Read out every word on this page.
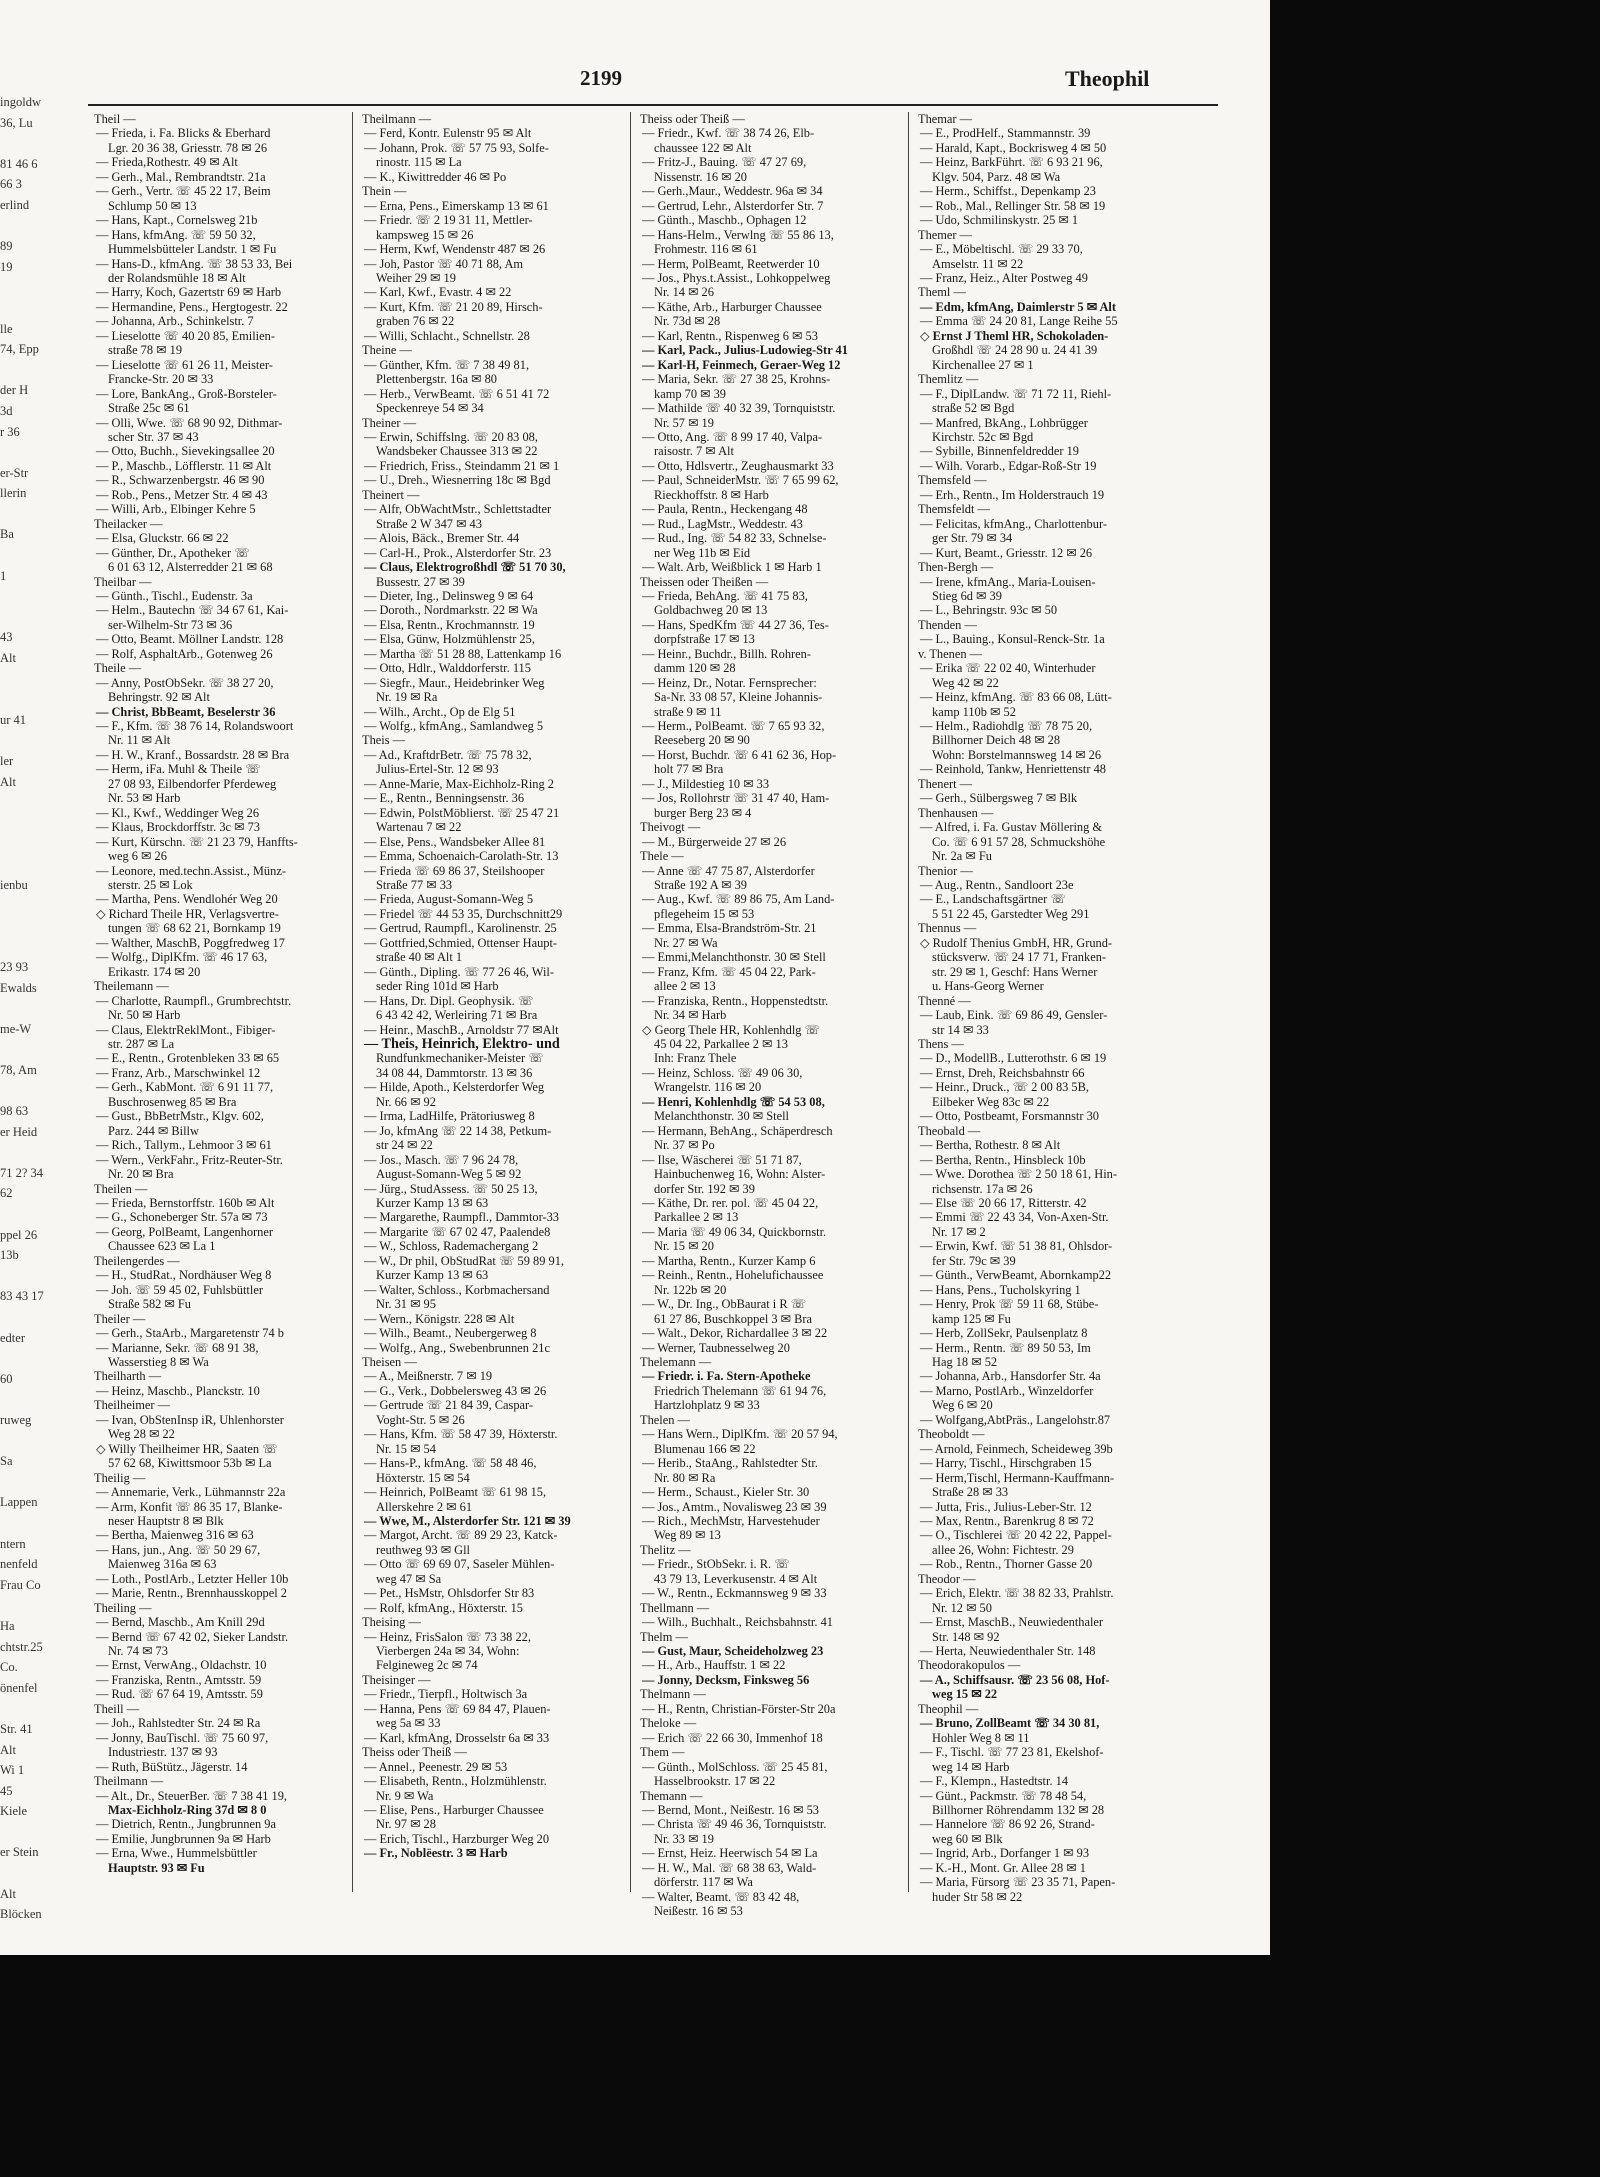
ingoldw
36, Lu

81 46 6
66 3
erlind

89
19

lle
74, Epp

der H
3d
r 36

er-Str
llerin

Ba

1

43
Alt

ur 41

ler
Alt

ienbu

23 93
Ewalds

me-W

78, Am

98 63
er Heid

71 2? 34
62

ppel 26
13b

83 43 17

edter

60

ruweg

Sa

Lappen

ntern
nenfeld
Frau Co

Ha
chtstr.25
Co.
önenfel

Str. 41
Alt
Wi 1
45
Kiele

er Stein

Alt
Blöcken
2199	Theophil
Theil —
— Frieda, i. Fa. Blicks & Eberhard
Lgr. 20 36 38, Griesstr. 78 ✉ 26
— Frieda,Rothestr. 49 ✉ Alt
— Gerh., Mal., Rembrandtstr. 21a
— Gerh., Vertr. ☏ 45 22 17, Beim
Schlump 50 ✉ 13
— Hans, Kapt., Cornelsweg 21b
— Hans, kfmAng. ☏ 59 50 32,
Hummelsbütteler Landstr. 1 ✉ Fu
— Hans-D., kfmAng. ☏ 38 53 33, Bei
der Rolandsmühle 18 ✉ Alt
— Harry, Koch, Gazertstr 69 ✉ Harb
— Hermandine, Pens., Hergtogestr. 22
— Johanna, Arb., Schinkelstr. 7
— Lieselotte ☏ 40 20 85, Emilien-
straße 78 ✉ 19
— Lieselotte ☏ 61 26 11, Meister-
Francke-Str. 20 ✉ 33
— Lore, BankAng., Groß-Borsteler-
Straße 25c ✉ 61
— Olli, Wwe. ☏ 68 90 92, Dithmar-
scher Str. 37 ✉ 43
— Otto, Buchh., Sievekingsallee 20
— P., Maschb., Löfflerstr. 11 ✉ Alt
— R., Schwarzenbergstr. 46 ✉ 90
— Rob., Pens., Metzer Str. 4 ✉ 43
— Willi, Arb., Elbinger Kehre 5
Theilacker —
— Elsa, Gluckstr. 66 ✉ 22
— Günther, Dr., Apotheker ☏
6 01 63 12, Alsterredder 21 ✉ 68
Theilbar —
— Günth., Tischl., Eudenstr. 3a
— Helm., Bautechn ☏ 34 67 61, Kai-
ser-Wilhelm-Str 73 ✉ 36
— Otto, Beamt. Möllner Landstr. 128
— Rolf, AsphaltArb., Gotenweg 26
Theile —
— Anny, PostObSekr. ☏ 38 27 20,
Behringstr. 92 ✉ Alt
— Christ, BbBeamt, Beselerstr 36
— F., Kfm. ☏ 38 76 14, Rolandswoort
Nr. 11 ✉ Alt
— H. W., Kranf., Bossardstr. 28 ✉ Bra
— Herm, iFa. Muhl & Theile ☏
27 08 93, Eilbendorfer Pferdeweg
Nr. 53 ✉ Harb
— Kl., Kwf., Weddinger Weg 26
— Klaus, Brockdorffstr. 3c ✉ 73
— Kurt, Kürschn. ☏ 21 23 79, Hanffts-
weg 6 ✉ 26
— Leonore, med.techn.Assist., Münz-
sterstr. 25 ✉ Lok
— Martha, Pens. Wendlohér Weg 20
◇ Richard Theile HR, Verlagsvertre-
tungen ☏ 68 62 21, Bornkamp 19
— Walther, MaschB, Poggfredweg 17
— Wolfg., DiplKfm. ☏ 46 17 63,
Erikastr. 174 ✉ 20
Theilemann —
— Charlotte, Raumpfl., Grumbrechtstr.
Nr. 50 ✉ Harb
— Claus, ElektrReklMont., Fibiger-
str. 287 ✉ La
— E., Rentn., Grotenbleken 33 ✉ 65
— Franz, Arb., Marschwinkel 12
— Gerh., KabMont. ☏ 6 91 11 77,
Buschrosenweg 85 ✉ Bra
— Gust., BbBetrMstr., Klgv. 602,
Parz. 244 ✉ Billw
— Rich., Tallym., Lehmoor 3 ✉ 61
— Wern., VerkFahr., Fritz-Reuter-Str.
Nr. 20 ✉ Bra
Theilen —
— Frieda, Bernstorffstr. 160b ✉ Alt
— G., Schoneberger Str. 57a ✉ 73
— Georg, PolBeamt, Langenhorner
Chaussee 623 ✉ La 1
Theilengerdes —
— H., StudRat., Nordhäuser Weg 8
— Joh. ☏ 59 45 02, Fuhlsbüttler
Straße 582 ✉ Fu
Theiler —
— Gerh., StaArb., Margaretenstr 74 b
— Marianne, Sekr. ☏ 68 91 38,
Wasserstieg 8 ✉ Wa
Theilharth —
— Heinz, Maschb., Planckstr. 10
Theilheimer —
— Ivan, ObStenInsp iR, Uhlenhorster
Weg 28 ✉ 22
◇ Willy Theilheimer HR, Saaten ☏
57 62 68, Kiwittsmoor 53b ✉ La
Theilig —
— Annemarie, Verk., Lühmannstr 22a
— Arm, Konfit ☏ 86 35 17, Blanke-
neser Hauptstr 8 ✉ Blk
— Bertha, Maienweg 316 ✉ 63
— Hans, jun., Ang. ☏ 50 29 67,
Maienweg 316a ✉ 63
— Loth., PostlArb., Letzter Heller 10b
— Marie, Rentn., Brennhausskoppel 2
Theiling —
— Bernd, Maschb., Am Knill 29d
— Bernd ☏ 67 42 02, Sieker Landstr.
Nr. 74 ✉ 73
— Ernst, VerwAng., Oldachstr. 10
— Franziska, Rentn., Amtsstr. 59
— Rud. ☏ 67 64 19, Amtsstr. 59
Theill —
— Joh., Rahlstedter Str. 24 ✉ Ra
— Jonny, BauTischl. ☏ 75 60 97,
Industriestr. 137 ✉ 93
— Ruth, BüStütz., Jägerstr. 14
Theilmann —
— Alt., Dr., SteuerBer. ☏ 7 38 41 19,
Max-Eichholz-Ring 37d ✉ 8 0
— Dietrich, Rentn., Jungbrunnen 9a
— Emilie, Jungbrunnen 9a ✉ Harb
— Erna, Wwe., Hummelsbüttler
Hauptstr. 93 ✉ Fu
Theilmann —
— Ferd, Kontr. Eulenstr 95 ✉ Alt
— Johann, Prok. ☏ 57 75 93, Solfe-
rinostr. 115 ✉ La
— K., Kiwittredder 46 ✉ Po
Thein —
— Erna, Pens., Eimerskamp 13 ✉ 61
— Friedr. ☏ 2 19 31 11, Mettler-
kampsweg 15 ✉ 26
— Herm, Kwf, Wendenstr 487 ✉ 26
— Joh, Pastor ☏ 40 71 88, Am
Weiher 29 ✉ 19
— Karl, Kwf., Evastr. 4 ✉ 22
— Kurt, Kfm. ☏ 21 20 89, Hirsch-
graben 76 ✉ 22
— Willi, Schlacht., Schnellstr. 28
Theine —
— Günther, Kfm. ☏ 7 38 49 81,
Plettenbergstr. 16a ✉ 80
— Herb., VerwBeamt. ☏ 6 51 41 72
Speckenreye 54 ✉ 34
Theiner —
— Erwin, Schiffslng. ☏ 20 83 08,
Wandsbeker Chaussee 313 ✉ 22
— Friedrich, Friss., Steindamm 21 ✉ 1
— U., Dreh., Wiesnerring 18c ✉ Bgd
Theinert —
— Alfr, ObWachtMstr., Schlettstadter
Straße 2 W 347 ✉ 43
— Alois, Bäck., Bremer Str. 44
— Carl-H., Prok., Alsterdorfer Str. 23
— Claus, Elektrogroßhdl ☏ 51 70 30,
Bussestr. 27 ✉ 39
— Dieter, Ing., Delinsweg 9 ✉ 64
— Doroth., Nordmarkstr. 22 ✉ Wa
— Elsa, Rentn., Krochmannstr. 19
— Elsa, Günw, Holzmühlenstr 25,
— Martha ☏ 51 28 88, Lattenkamp 16
— Otto, Hdlr., Walddorferstr. 115
— Siegfr., Maur., Heidebrinker Weg
Nr. 19 ✉ Ra
— Wilh., Archt., Op de Elg 51
— Wolfg., kfmAng., Samlandweg 5
Theis —
— Ad., KraftdrBetr. ☏ 75 78 32,
Julius-Ertel-Str. 12 ✉ 93
— Anne-Marie, Max-Eichholz-Ring 2
— E., Rentn., Benningsenstr. 36
— Edwin, PolstMöblierst. ☏ 25 47 21
Wartenau 7 ✉ 22
— Else, Pens., Wandsbeker Allee 81
— Emma, Schoenaich-Carolath-Str. 13
— Frieda ☏ 69 86 37, Steilshooper
Straße 77 ✉ 33
— Frieda, August-Somann-Weg 5
— Friedel ☏ 44 53 35, Durchschnitt29
— Gertrud, Raumpfl., Karolinenstr. 25
— Gottfried,Schmied, Ottenser Haupt-
straße 40 ✉ Alt 1
— Günth., Dipling. ☏ 77 26 46, Wil-
seder Ring 101d ✉ Harb
— Hans, Dr. Dipl. Geophysik. ☏
6 43 42 42, Werleiring 71 ✉ Bra
— Heinr., MaschB., Arnoldstr 77 ✉Alt
— Theis, Heinrich, Elektro- und
Rundfunkmechaniker-Meister ☏
34 08 44, Dammtorstr. 13 ✉ 36
— Hilde, Apoth., Kelsterdorfer Weg
Nr. 66 ✉ 92
— Irma, LadHilfe, Prätoriusweg 8
— Jo, kfmAng ☏ 22 14 38, Petkum-
str 24 ✉ 22
— Jos., Masch. ☏ 7 96 24 78,
August-Somann-Weg 5 ✉ 92
— Jürg., StudAssess. ☏ 50 25 13,
Kurzer Kamp 13 ✉ 63
— Margarethe, Raumpfl., Dammtor-33
— Margarite ☏ 67 02 47, Paalende8
— W., Schloss, Rademachergang 2
— W., Dr phil, ObStudRat ☏ 59 89 91,
Kurzer Kamp 13 ✉ 63
— Walter, Schloss., Korbmachersand
Nr. 31 ✉ 95
— Wern., Königstr. 228 ✉ Alt
— Wilh., Beamt., Neubergerweg 8
— Wolfg., Ang., Swebenbrunnen 21c
Theisen —
— A., Meißnerstr. 7 ✉ 19
— G., Verk., Dobbelersweg 43 ✉ 26
— Gertrude ☏ 21 84 39, Caspar-
Voght-Str. 5 ✉ 26
— Hans, Kfm. ☏ 58 47 39, Höxterstr.
Nr. 15 ✉ 54
— Hans-P., kfmAng. ☏ 58 48 46,
Höxterstr. 15 ✉ 54
— Heinrich, PolBeamt ☏ 61 98 15,
Allerskehre 2 ✉ 61
— Wwe, M., Alsterdorfer Str. 121 ✉ 39
— Margot, Archt. ☏ 89 29 23, Katck-
reuthweg 93 ✉ Gll
— Otto ☏ 69 69 07, Saseler Mühlen-
weg 47 ✉ Sa
— Pet., HsMstr, Ohlsdorfer Str 83
— Rolf, kfmAng., Höxterstr. 15
Theising —
— Heinz, FrisSalon ☏ 73 38 22,
Vierbergen 24a ✉ 34, Wohn:
Felgineweg 2c ✉ 74
Theisinger —
— Friedr., Tierpfl., Holtwisch 3a
— Hanna, Pens ☏ 69 84 47, Plauen-
weg 5a ✉ 33
— Karl, kfmAng, Drosselstr 6a ✉ 33
Theiss oder Theiß —
— Annel., Peenestr. 29 ✉ 53
— Elisabeth, Rentn., Holzmühlenstr.
Nr. 9 ✉ Wa
— Elise, Pens., Harburger Chaussee
Nr. 97 ✉ 28
— Erich, Tischl., Harzburger Weg 20
— Fr., Noblëestr. 3 ✉ Harb
Theiss oder Theiß —
— Friedr., Kwf. ☏ 38 74 26, Elb-
chaussee 122 ✉ Alt
— Fritz-J., Bauing. ☏ 47 27 69,
Nissenstr. 16 ✉ 20
— Gerh.,Maur., Weddestr. 96a ✉ 34
— Gertrud, Lehr., Alsterdorfer Str. 7
— Günth., Maschb., Ophagen 12
— Hans-Helm., Verwlng ☏ 55 86 13,
Frohmestr. 116 ✉ 61
— Herm, PolBeamt, Reetwerder 10
— Jos., Phys.t.Assist., Lohkoppelweg
Nr. 14 ✉ 26
— Käthe, Arb., Harburger Chaussee
Nr. 73d ✉ 28
— Karl, Rentn., Rispenweg 6 ✉ 53
— Karl, Pack., Julius-Ludowieg-Str 41
— Karl-H, Feinmech, Geraer-Weg 12
— Maria, Sekr. ☏ 27 38 25, Krohns-
kamp 70 ✉ 39
— Mathilde ☏ 40 32 39, Tornquiststr.
Nr. 57 ✉ 19
— Otto, Ang. ☏ 8 99 17 40, Valpa-
raisostr. 7 ✉ Alt
— Otto, Hdlsvertr., Zeughausmarkt 33
— Paul, SchneiderMstr. ☏ 7 65 99 62,
Rieckhoffstr. 8 ✉ Harb
— Paula, Rentn., Heckengang 48
— Rud., LagMstr., Weddestr. 43
— Rud., Ing. ☏ 54 82 33, Schnelse-
ner Weg 11b ✉ Eid
— Walt. Arb, Weißblick 1 ✉ Harb 1
Theissen oder Theißen —
— Frieda, BehAng. ☏ 41 75 83,
Goldbachweg 20 ✉ 13
— Hans, SpedKfm ☏ 44 27 36, Tes-
dorpfstraße 17 ✉ 13
— Heinr., Buchdr., Billh. Rohren-
damm 120 ✉ 28
— Heinz, Dr., Notar. Fernsprecher:
Sa-Nr. 33 08 57, Kleine Johannis-
straße 9 ✉ 11
— Herm., PolBeamt. ☏ 7 65 93 32,
Reeseberg 20 ✉ 90
— Horst, Buchdr. ☏ 6 41 62 36, Hop-
holt 77 ✉ Bra
— J., Mildestieg 10 ✉ 33
— Jos, Rollohrstr ☏ 31 47 40, Ham-
burger Berg 23 ✉ 4
Theivogt —
— M., Bürgerweide 27 ✉ 26
Thele —
— Anne ☏ 47 75 87, Alsterdorfer
Straße 192 A ✉ 39
— Aug., Kwf. ☏ 89 86 75, Am Land-
pflegeheim 15 ✉ 53
— Emma, Elsa-Brandström-Str. 21
Nr. 27 ✉ Wa
— Emmi,Melanchthonstr. 30 ✉ Stell
— Franz, Kfm. ☏ 45 04 22, Park-
allee 2 ✉ 13
— Franziska, Rentn., Hoppenstedtstr.
Nr. 34 ✉ Harb
◇ Georg Thele HR, Kohlenhdlg ☏
45 04 22, Parkallee 2 ✉ 13
Inh: Franz Thele
— Heinz, Schloss. ☏ 49 06 30,
Wrangelstr. 116 ✉ 20
— Henri, Kohlenhdlg ☏ 54 53 08,
Melanchthonstr. 30 ✉ Stell
— Hermann, BehAng., Schäperdresch
Nr. 37 ✉ Po
— Ilse, Wäscherei ☏ 51 71 87,
Hainbuchenweg 16, Wohn: Alster-
dorfer Str. 192 ✉ 39
— Käthe, Dr. rer. pol. ☏ 45 04 22,
Parkallee 2 ✉ 13
— Maria ☏ 49 06 34, Quickbornstr.
Nr. 15 ✉ 20
— Martha, Rentn., Kurzer Kamp 6
— Reinh., Rentn., Hohelufichaussee
Nr. 122b ✉ 20
— W., Dr. Ing., ObBaurat i R ☏
61 27 86, Buschkoppel 3 ✉ Bra
— Walt., Dekor, Richardallee 3 ✉ 22
— Werner, Taubnesselweg 20
Thelemann —
— Friedr. i. Fa. Stern-Apotheke
Friedrich Thelemann ☏ 61 94 76,
Hartzlohplatz 9 ✉ 33
Thelen —
— Hans Wern., DiplKfm. ☏ 20 57 94,
Blumenau 166 ✉ 22
— Herib., StaAng., Rahlstedter Str.
Nr. 80 ✉ Ra
— Herm., Schaust., Kieler Str. 30
— Jos., Amtm., Novalisweg 23 ✉ 39
— Rich., MechMstr, Harvestehuder
Weg 89 ✉ 13
Thelitz —
— Friedr., StObSekr. i. R. ☏
43 79 13, Leverkusenstr. 4 ✉ Alt
— W., Rentn., Eckmannsweg 9 ✉ 33
Thellmann —
— Wilh., Buchhalt., Reichsbahnstr. 41
Thelm —
— Gust, Maur, Scheideholzweg 23
— H., Arb., Hauffstr. 1 ✉ 22
— Jonny, Decksm, Finksweg 56
Thelmann —
— H., Rentn, Christian-Förster-Str 20a
Theloke —
— Erich ☏ 22 66 30, Immenhof 18
Them —
— Günth., MolSchloss. ☏ 25 45 81,
Hasselbrookstr. 17 ✉ 22
Themann —
— Bernd, Mont., Neißestr. 16 ✉ 53
— Christa ☏ 49 46 36, Tornquiststr.
Nr. 33 ✉ 19
— Ernst, Heiz. Heerwisch 54 ✉ La
— H. W., Mal. ☏ 68 38 63, Wald-
dörferstr. 117 ✉ Wa
— Walter, Beamt. ☏ 83 42 48,
Neißestr. 16 ✉ 53
Themar —
— E., ProdHelf., Stammannstr. 39
— Harald, Kapt., Bockrisweg 4 ✉ 50
— Heinz, BarkFührt. ☏ 6 93 21 96,
Klgv. 504, Parz. 48 ✉ Wa
— Herm., Schiffst., Depenkamp 23
— Rob., Mal., Rellinger Str. 58 ✉ 19
— Udo, Schmilinskystr. 25 ✉ 1
Themer —
— E., Möbeltischl. ☏ 29 33 70,
Amselstr. 11 ✉ 22
— Franz, Heiz., Alter Postweg 49
Theml —
— Edm, kfmAng, Daimlerstr 5 ✉ Alt
— Emma ☏ 24 20 81, Lange Reihe 55
◇ Ernst J Theml HR, Schokoladen-
Großhdl ☏ 24 28 90 u. 24 41 39
Kirchenallee 27 ✉ 1
Themlitz —
— F., DiplLandw. ☏ 71 72 11, Riehl-
straße 52 ✉ Bgd
— Manfred, BkAng., Lohbrügger
Kirchstr. 52c ✉ Bgd
— Sybille, Binnenfeldredder 19
— Wilh. Vorarb., Edgar-Roß-Str 19
Themsfeld —
— Erh., Rentn., Im Holderstrauch 19
Themsfeldt —
— Felicitas, kfmAng., Charlottenbur-
ger Str. 79 ✉ 34
— Kurt, Beamt., Griesstr. 12 ✉ 26
Then-Bergh —
— Irene, kfmAng., Maria-Louisen-
Stieg 6d ✉ 39
— L., Behringstr. 93c ✉ 50
Thenden —
— L., Bauing., Konsul-Renck-Str. 1a
v. Thenen —
— Erika ☏ 22 02 40, Winterhuder
Weg 42 ✉ 22
— Heinz, kfmAng. ☏ 83 66 08, Lütt-
kamp 110b ✉ 52
— Helm., Radiohdlg ☏ 78 75 20,
Billhorner Deich 48 ✉ 28
Wohn: Borstelmannsweg 14 ✉ 26
— Reinhold, Tankw, Henriettenstr 48
Thenert —
— Gerh., Sülbergsweg 7 ✉ Blk
Thenhausen —
— Alfred, i. Fa. Gustav Möllering &
Co. ☏ 6 91 57 28, Schmuckshöhe
Nr. 2a ✉ Fu
Thenior —
— Aug., Rentn., Sandloort 23e
— E., Landschaftsgärtner ☏
5 51 22 45, Garstedter Weg 291
Thennus —
◇ Rudolf Thenius GmbH, HR, Grund-
stücksverw. ☏ 24 17 71, Franken-
str. 29 ✉ 1, Geschf: Hans Werner
u. Hans-Georg Werner
Thenné —
— Laub, Eink. ☏ 69 86 49, Gensler-
str 14 ✉ 33
Thens —
— D., ModellB., Lutterothstr. 6 ✉ 19
— Ernst, Dreh, Reichsbahnstr 66
— Heinr., Druck., ☏ 2 00 83 5B,
Eilbeker Weg 83c ✉ 22
— Otto, Postbeamt, Forsmannstr 30
Theobald —
— Bertha, Rothestr. 8 ✉ Alt
— Bertha, Rentn., Hinsbleck 10b
— Wwe. Dorothea ☏ 2 50 18 61, Hin-
richsenstr. 17a ✉ 26
— Else ☏ 20 66 17, Ritterstr. 42
— Emmi ☏ 22 43 34, Von-Axen-Str.
Nr. 17 ✉ 2
— Erwin, Kwf. ☏ 51 38 81, Ohlsdor-
fer Str. 79c ✉ 39
— Günth., VerwBeamt, Abornkamp22
— Hans, Pens., Tucholskyring 1
— Henry, Prok ☏ 59 11 68, Stübe-
kamp 125 ✉ Fu
— Herb, ZollSekr, Paulsenplatz 8
— Herm., Rentn. ☏ 89 50 53, Im
Hag 18 ✉ 52
— Johanna, Arb., Hansdorfer Str. 4a
— Marno, PostlArb., Winzeldorfer
Weg 6 ✉ 20
— Wolfgang,AbtPräs., Langelohstr.87
Theoboldt —
— Arnold, Feinmech, Scheideweg 39b
— Harry, Tischl., Hirschgraben 15
— Herm,Tischl, Hermann-Kauffmann-
Straße 28 ✉ 33
— Jutta, Fris., Julius-Leber-Str. 12
— Max, Rentn., Barenkrug 8 ✉ 72
— O., Tischlerei ☏ 20 42 22, Pappel-
allee 26, Wohn: Fichtestr. 29
— Rob., Rentn., Thorner Gasse 20
Theodor —
— Erich, Elektr. ☏ 38 82 33, Prahlstr.
Nr. 12 ✉ 50
— Ernst, MaschB., Neuwiedenthaler
Str. 148 ✉ 92
— Herta, Neuwiedenthaler Str. 148
Theodorakopulos —
— A., Schiffsausr. ☏ 23 56 08, Hof-
weg 15 ✉ 22
Theophil —
— Bruno, ZollBeamt ☏ 34 30 81,
Hohler Weg 8 ✉ 11
— F., Tischl. ☏ 77 23 81, Ekelshof-
weg 14 ✉ Harb
— F., Klempn., Hastedtstr. 14
— Günt., Packmstr. ☏ 78 48 54,
Billhorner Röhrendamm 132 ✉ 28
— Hannelore ☏ 86 92 26, Strand-
weg 60 ✉ Blk
— Ingrid, Arb., Dorfanger 1 ✉ 93
— K.-H., Mont. Gr. Allee 28 ✉ 1
— Maria, Fürsorg ☏ 23 35 71, Papen-
huder Str 58 ✉ 22
